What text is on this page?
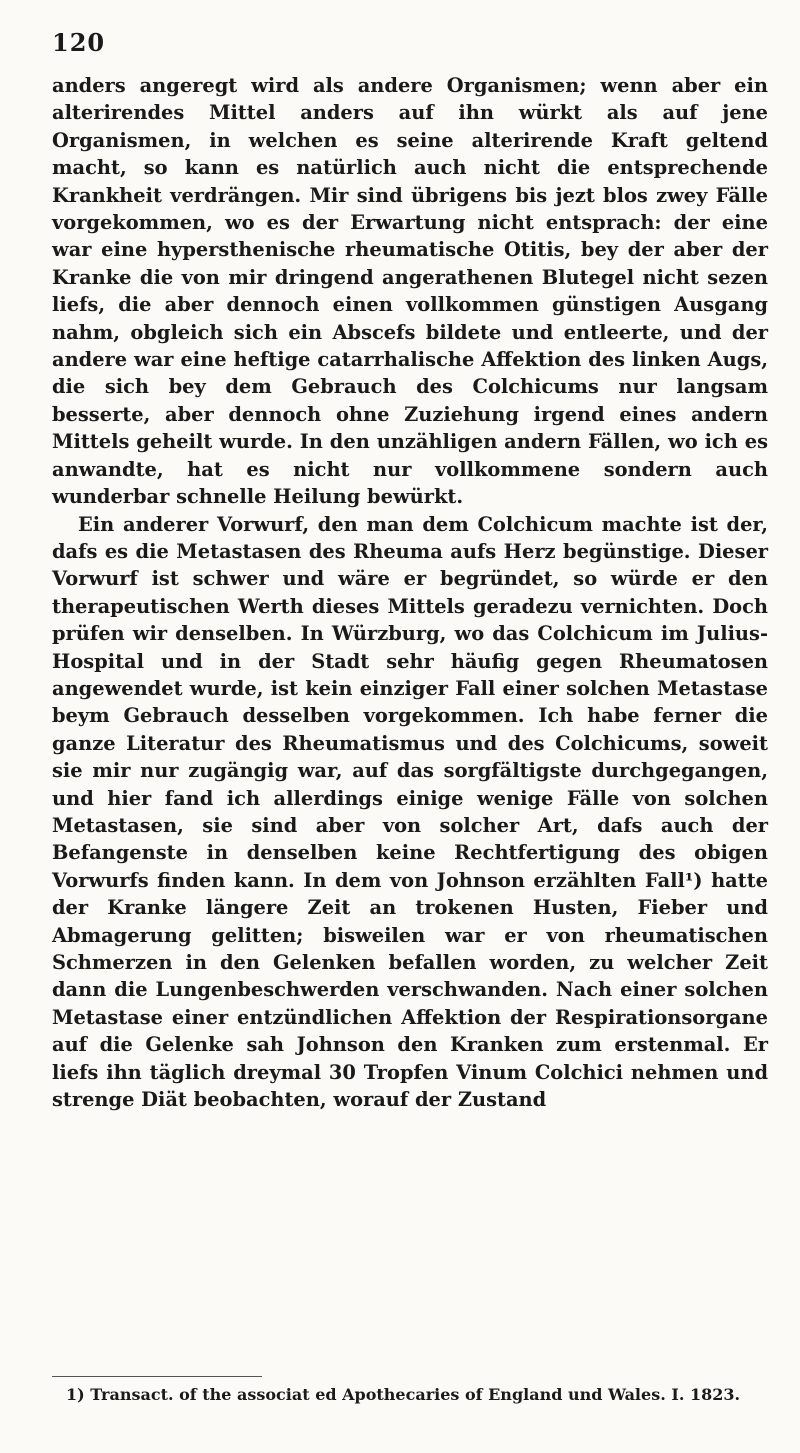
120

anders angeregt wird als andere Organismen; wenn aber ein alterirendes Mittel anders auf ihn würkt als auf jene Organismen, in welchen es seine alterirende Kraft geltend macht, so kann es natürlich auch nicht die entsprechende Krankheit verdrängen. Mir sind übrigens bis jezt blos zwey Fälle vorgekommen, wo es der Erwartung nicht entsprach: der eine war eine hypersthenische rheumatische Otitis, bey der aber der Kranke die von mir dringend angerathenen Blutegel nicht sezen liefs, die aber dennoch einen vollkommen günstigen Ausgang nahm, obgleich sich ein Abscefs bildete und entleerte, und der andere war eine heftige catarrhalische Affektion des linken Augs, die sich bey dem Gebrauch des Colchicums nur langsam besserte, aber dennoch ohne Zuziehung irgend eines andern Mittels geheilt wurde. In den unzähligen andern Fällen, wo ich es anwandte, hat es nicht nur vollkommene sondern auch wunderbar schnelle Heilung bewürkt.

Ein anderer Vorwurf, den man dem Colchicum machte ist der, dafs es die Metastasen des Rheuma aufs Herz begünstige. Dieser Vorwurf ist schwer und wäre er begründet, so würde er den therapeutischen Werth dieses Mittels geradezu vernichten. Doch prüfen wir denselben. In Würzburg, wo das Colchicum im Julius-Hospital und in der Stadt sehr häufig gegen Rheumatosen angewendet wurde, ist kein einziger Fall einer solchen Metastase beym Gebrauch desselben vorgekommen. Ich habe ferner die ganze Literatur des Rheumatismus und des Colchicums, soweit sie mir nur zugängig war, auf das sorgfältigste durchgegangen, und hier fand ich allerdings einige wenige Fälle von solchen Metastasen, sie sind aber von solcher Art, dafs auch der Befangenste in denselben keine Rechtfertigung des obigen Vorwurfs finden kann. In dem von Johnson erzählten Fall¹) hatte der Kranke längere Zeit an trokenen Husten, Fieber und Abmagerung gelitten; bisweilen war er von rheumatischen Schmerzen in den Gelenken befallen worden, zu welcher Zeit dann die Lungenbeschwerden verschwanden. Nach einer solchen Metastase einer entzündlichen Affektion der Respirationsorgane auf die Gelenke sah Johnson den Kranken zum erstenmal. Er liefs ihn täglich dreymal 30 Tropfen Vinum Colchici nehmen und strenge Diät beobachten, worauf der Zustand

1) Transact. of the associat ed Apothecaries of England und Wales. I. 1823.
